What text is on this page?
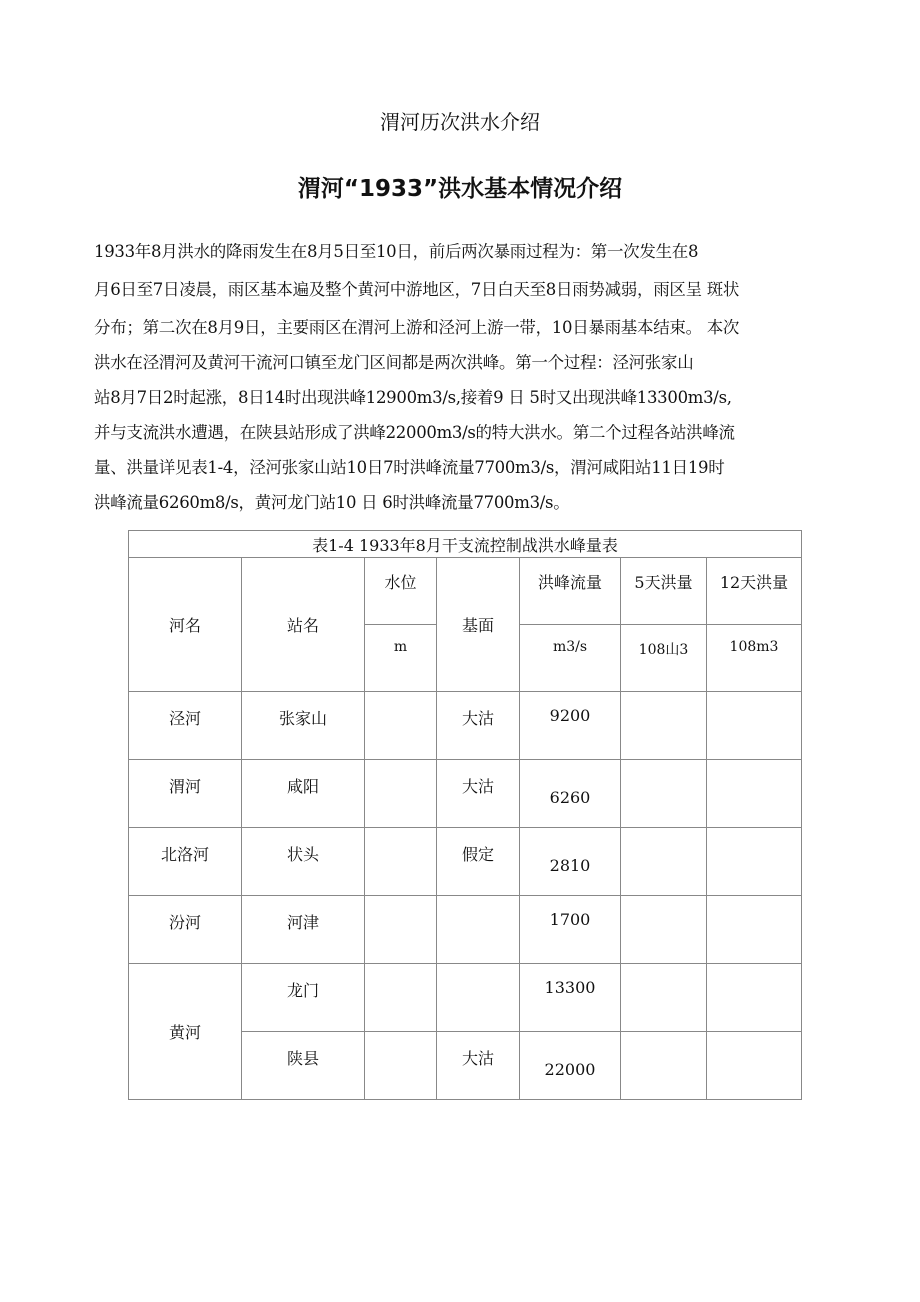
渭河历次洪水介绍
渭河“1933”洪水基本情况介绍
1933年8月洪水的降雨发生在8月5日至10日，前后两次暴雨过程为：第一次发生在8
月6日至7日凌晨，雨区基本遍及整个黄河中游地区，7日白天至8日雨势减弱，雨区呈 斑状
分布；第二次在8月9日，主要雨区在渭河上游和泾河上游一带，10日暴雨基本结束。 本次
洪水在泾渭河及黄河干流河口镇至龙门区间都是两次洪峰。第一个过程：泾河张家山
站8月7日2时起涨，8日14时出现洪峰12900m3/s,接着9 日 5时又出现洪峰13300m3/s,
并与支流洪水遭遇，在陕县站形成了洪峰22000m3/s的特大洪水。第二个过程各站洪峰流
量、洪量详见表1-4，泾河张家山站10日7时洪峰流量7700m3/s，渭河咸阳站11日19时
洪峰流量6260m8/s，黄河龙门站10 日 6时洪峰流量7700m3/s。
表1-4 1933年8月干支流控制战洪水峰量表						
河名	站名	水位	基面	洪峰流量	5天洪量	12天洪量
		m		m3/s	108山3	108m3
泾河	张家山		大沽	9200		
渭河	咸阳		大沽	6260		
北洛河	状头		假定	2810		
汾河	河津			1700		
黄河	龙门			13300		
	陕县		大沽	22000		
